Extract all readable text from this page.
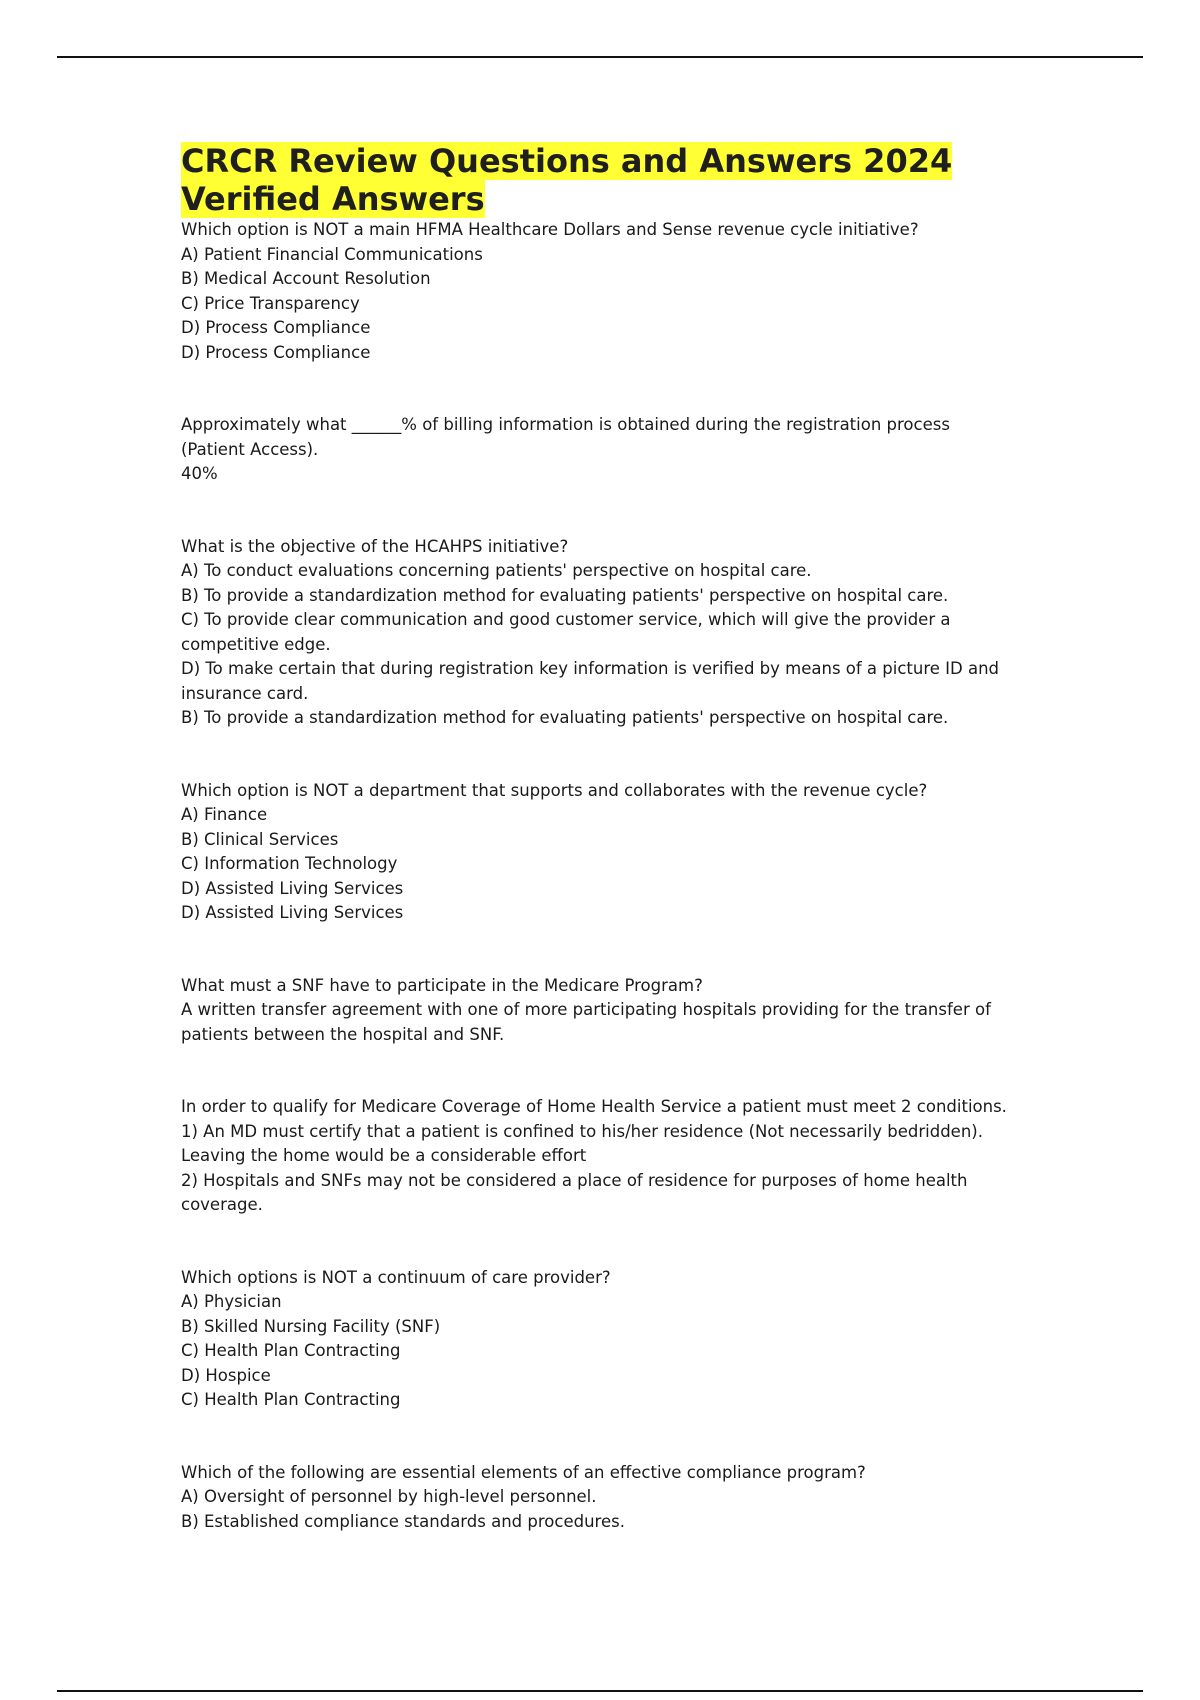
CRCR Review Questions and Answers 2024 Verified Answers

Which option is NOT a main HFMA Healthcare Dollars and Sense revenue cycle initiative?

A) Patient Financial Communications

B) Medical Account Resolution

C) Price Transparency

D) Process Compliance

D) Process Compliance

Approximately what ______% of billing information is obtained during the registration process (Patient Access).

40%

What is the objective of the HCAHPS initiative?

A) To conduct evaluations concerning patients' perspective on hospital care.

B) To provide a standardization method for evaluating patients' perspective on hospital care.

C) To provide clear communication and good customer service, which will give the provider a competitive edge.

D) To make certain that during registration key information is verified by means of a picture ID and insurance card.

B) To provide a standardization method for evaluating patients' perspective on hospital care.

Which option is NOT a department that supports and collaborates with the revenue cycle?

A) Finance

B) Clinical Services

C) Information Technology

D) Assisted Living Services

D) Assisted Living Services

What must a SNF have to participate in the Medicare Program?

A written transfer agreement with one of more participating hospitals providing for the transfer of patients between the hospital and SNF.

In order to qualify for Medicare Coverage of Home Health Service a patient must meet 2 conditions.

1) An MD must certify that a patient is confined to his/her residence (Not necessarily bedridden). Leaving the home would be a considerable effort

2) Hospitals and SNFs may not be considered a place of residence for purposes of home health coverage.

Which options is NOT a continuum of care provider?

A) Physician

B) Skilled Nursing Facility (SNF)

C) Health Plan Contracting

D) Hospice

C) Health Plan Contracting

Which of the following are essential elements of an effective compliance program?

A) Oversight of personnel by high-level personnel.

B) Established compliance standards and procedures.
